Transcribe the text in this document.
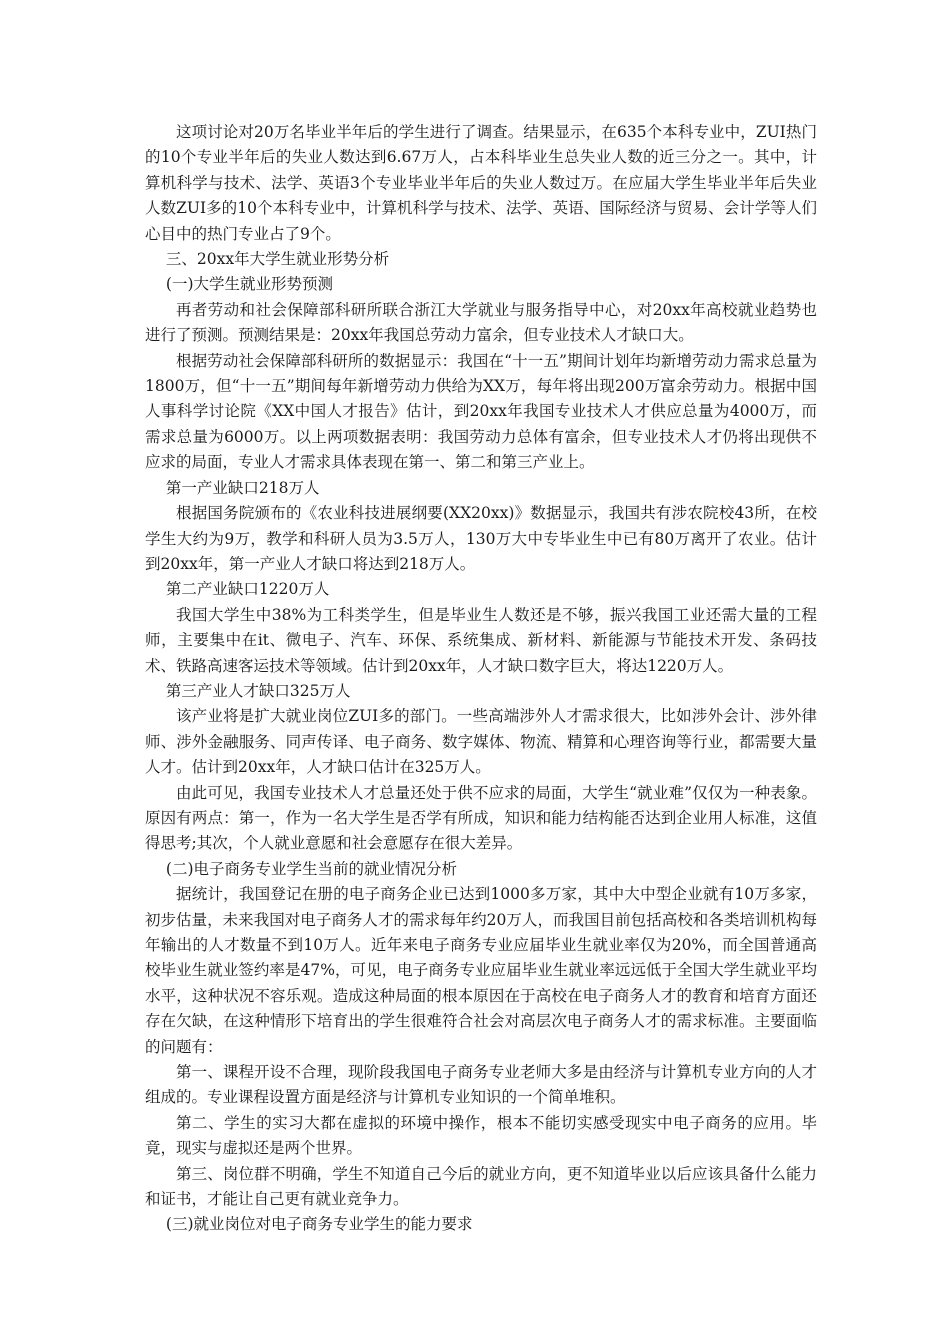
这项讨论对20万名毕业半年后的学生进行了调查。结果显示，在635个本科专业中，ZUI热门的10个专业半年后的失业人数达到6.67万人，占本科毕业生总失业人数的近三分之一。其中，计算机科学与技术、法学、英语3个专业毕业半年后的失业人数过万。在应届大学生毕业半年后失业人数ZUI多的10个本科专业中，计算机科学与技术、法学、英语、国际经济与贸易、会计学等人们心目中的热门专业占了9个。

三、20xx年大学生就业形势分析

(一)大学生就业形势预测

再者劳动和社会保障部科研所联合浙江大学就业与服务指导中心，对20xx年高校就业趋势也进行了预测。预测结果是：20xx年我国总劳动力富余，但专业技术人才缺口大。

根据劳动社会保障部科研所的数据显示：我国在“十一五”期间计划年均新增劳动力需求总量为1800万，但“十一五”期间每年新增劳动力供给为XX万，每年将出现200万富余劳动力。根据中国人事科学讨论院《XX中国人才报告》估计，到20xx年我国专业技术人才供应总量为4000万，而需求总量为6000万。以上两项数据表明：我国劳动力总体有富余，但专业技术人才仍将出现供不应求的局面，专业人才需求具体表现在第一、第二和第三产业上。

第一产业缺口218万人

根据国务院颁布的《农业科技进展纲要(XX20xx)》数据显示，我国共有涉农院校43所，在校学生大约为9万，教学和科研人员为3.5万人，130万大中专毕业生中已有80万离开了农业。估计到20xx年，第一产业人才缺口将达到218万人。

第二产业缺口1220万人

我国大学生中38%为工科类学生，但是毕业生人数还是不够，振兴我国工业还需大量的工程师，主要集中在it、微电子、汽车、环保、系统集成、新材料、新能源与节能技术开发、条码技术、铁路高速客运技术等领域。估计到20xx年，人才缺口数字巨大，将达1220万人。

第三产业人才缺口325万人

该产业将是扩大就业岗位ZUI多的部门。一些高端涉外人才需求很大，比如涉外会计、涉外律师、涉外金融服务、同声传译、电子商务、数字媒体、物流、精算和心理咨询等行业，都需要大量人才。估计到20xx年，人才缺口估计在325万人。

由此可见，我国专业技术人才总量还处于供不应求的局面，大学生“就业难”仅仅为一种表象。原因有两点：第一，作为一名大学生是否学有所成，知识和能力结构能否达到企业用人标准，这值得思考;其次，个人就业意愿和社会意愿存在很大差异。

(二)电子商务专业学生当前的就业情况分析

据统计，我国登记在册的电子商务企业已达到1000多万家，其中大中型企业就有10万多家，初步估量，未来我国对电子商务人才的需求每年约20万人，而我国目前包括高校和各类培训机构每年输出的人才数量不到10万人。近年来电子商务专业应届毕业生就业率仅为20%，而全国普通高校毕业生就业签约率是47%，可见，电子商务专业应届毕业生就业率远远低于全国大学生就业平均水平，这种状况不容乐观。造成这种局面的根本原因在于高校在电子商务人才的教育和培育方面还存在欠缺，在这种情形下培育出的学生很难符合社会对高层次电子商务人才的需求标准。主要面临的问题有：

第一、课程开设不合理，现阶段我国电子商务专业老师大多是由经济与计算机专业方向的人才组成的。专业课程设置方面是经济与计算机专业知识的一个简单堆积。

第二、学生的实习大都在虚拟的环境中操作，根本不能切实感受现实中电子商务的应用。毕竟，现实与虚拟还是两个世界。

第三、岗位群不明确，学生不知道自己今后的就业方向，更不知道毕业以后应该具备什么能力和证书，才能让自己更有就业竞争力。

(三)就业岗位对电子商务专业学生的能力要求
